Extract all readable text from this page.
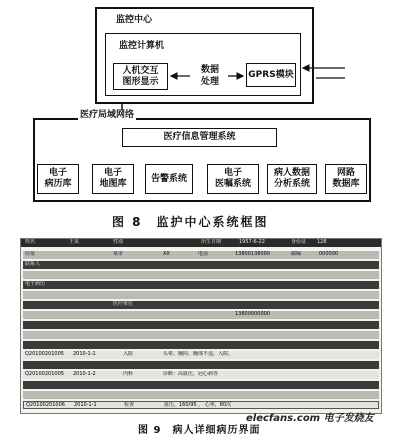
监控中心
监控计算机
人机交互
图形显示
数据
处理
GPRS模块
医疗局域网络
医疗信息管理系统
电子
病历库
电子
地图库
告警系统
电子
医嘱系统
病人数据
分析系统
网路
数据库
图 8　监护中心系统框图
姓名	王某	性别	出生日期	1957-6-22	身份证 128
住址	某市	XX	电话	13800138000	邮编	000000
联系人
电子病历
医疗单位
13800000000
Q20100201005 2010-1-1	入院	头晕、胸闷、胸部不适，入院。
Q20100201005 2010-1-2	内科	诊断：高血压，冠心病等
Q20100201006 2010-1-1	检查	血压，160/95 ， 心率，80次
图 9　病人详细病历界面
elecfans.com 电子发烧友
